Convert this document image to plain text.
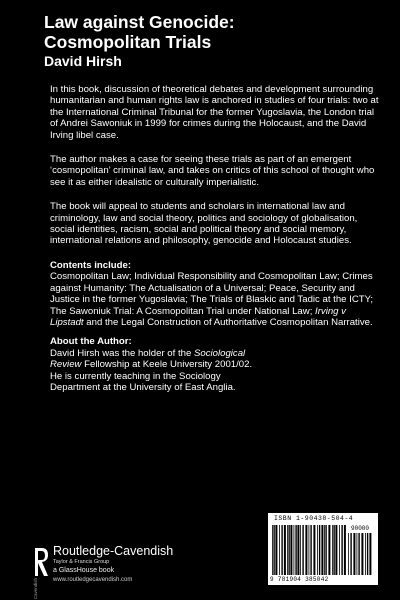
Law against Genocide:
Cosmopolitan Trials
David Hirsh

In this book, discussion of theoretical debates and development surrounding humanitarian and human rights law is anchored in studies of four trials: two at the International Criminal Tribunal for the former Yugoslavia, the London trial of Andrei Sawoniuk in 1999 for crimes during the Holocaust, and the David Irving libel case.

The author makes a case for seeing these trials as part of an emergent ‘cosmopolitan’ criminal law, and takes on critics of this school of thought who see it as either idealistic or culturally imperialistic.

The book will appeal to students and scholars in international law and criminology, law and social theory, politics and sociology of globalisation, social identities, racism, social and political theory and social memory, international relations and philosophy, genocide and Holocaust studies.

Contents include:

Cosmopolitan Law; Individual Responsibility and Cosmopolitan Law; Crimes against Humanity: The Actualisation of a Universal; Peace, Security and Justice in the former Yugoslavia; The Trials of Blaskic and Tadic at the ICTY; The Sawoniuk Trial: A Cosmopolitan Trial under National Law; Irving v Lipstadt and the Legal Construction of Authoritative Cosmopolitan Narrative.

About the Author:

David Hirsh was the holder of the Sociological Review Fellowship at Keele University 2001/02. He is currently teaching in the Sociology Department at the University of East Anglia.

Routledge-Cavendish
Taylor & Francis Group
a GlassHouse book
www.routledgecavendish.com
Cavendish
ISBN 1-90438-504-4
90000
9 781904 385042
